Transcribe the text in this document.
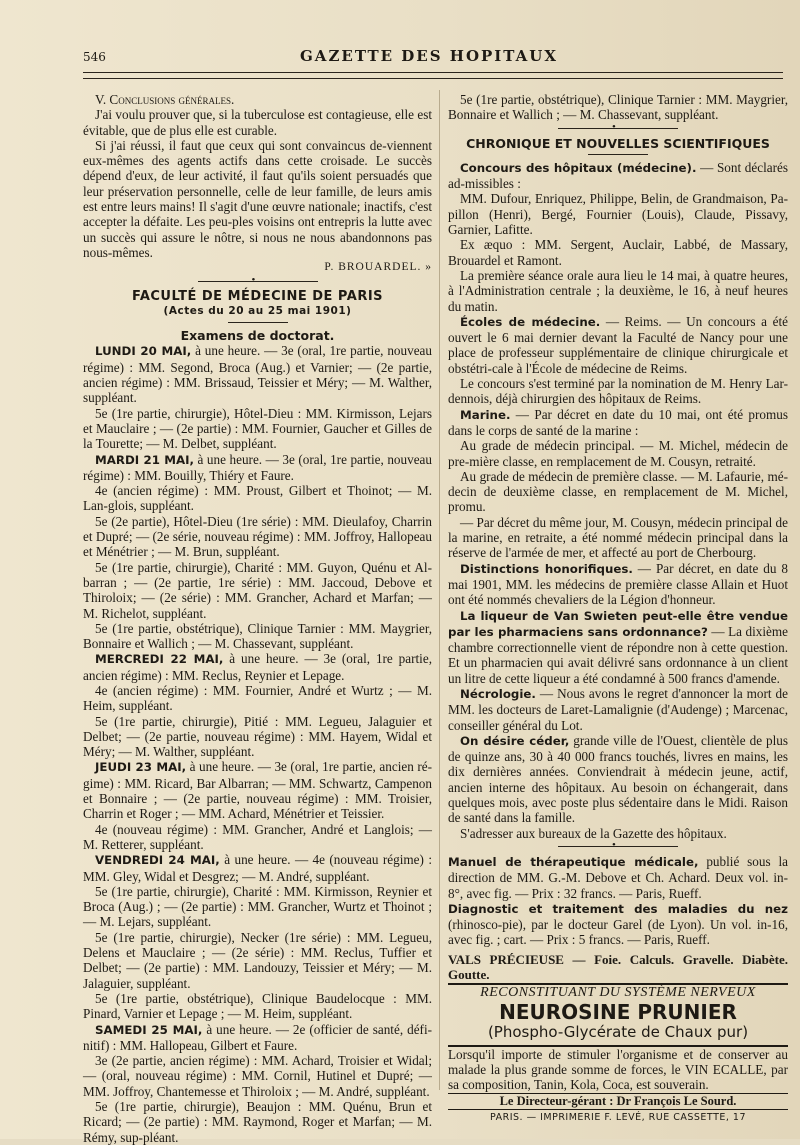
546	GAZETTE DES HOPITAUX

V. Conclusions générales.

J'ai voulu prouver que, si la tuberculose est contagieuse, elle est évitable, que de plus elle est curable.

Si j'ai réussi, il faut que ceux qui sont convaincus de-viennent eux-mêmes des agents actifs dans cette croisade. Le succès dépend d'eux, de leur activité, il faut qu'ils soient persuadés que leur préservation personnelle, celle de leur famille, de leurs amis est entre leurs mains! Il s'agit d'une œuvre nationale; inactifs, c'est accepter la défaite. Les peu-ples voisins ont entrepris la lutte avec un succès qui assure le nôtre, si nous ne nous abandonnons pas nous-mêmes.

P. BROUARDEL. »

•

FACULTÉ DE MÉDECINE DE PARIS

(Actes du 20 au 25 mai 1901)

Examens de doctorat.

LUNDI 20 MAI, à une heure. — 3e (oral, 1re partie, nouveau régime) : MM. Segond, Broca (Aug.) et Varnier; — (2e partie, ancien régime) : MM. Brissaud, Teissier et Méry; — M. Walther, suppléant.

5e (1re partie, chirurgie), Hôtel-Dieu : MM. Kirmisson, Lejars et Mauclaire ; — (2e partie) : MM. Fournier, Gaucher et Gilles de la Tourette; — M. Delbet, suppléant.

MARDI 21 MAI, à une heure. — 3e (oral, 1re partie, nouveau régime) : MM. Bouilly, Thiéry et Faure.

4e (ancien régime) : MM. Proust, Gilbert et Thoinot; — M. Lan-glois, suppléant.

5e (2e partie), Hôtel-Dieu (1re série) : MM. Dieulafoy, Charrin et Dupré; — (2e série, nouveau régime) : MM. Joffroy, Hallopeau et Ménétrier ; — M. Brun, suppléant.

5e (1re partie, chirurgie), Charité : MM. Guyon, Quénu et Al-barran ; — (2e partie, 1re série) : MM. Jaccoud, Debove et Thiroloix; — (2e série) : MM. Grancher, Achard et Marfan; — M. Richelot, suppléant.

5e (1re partie, obstétrique), Clinique Tarnier : MM. Maygrier, Bonnaire et Wallich ; — M. Chassevant, suppléant.

MERCREDI 22 MAI, à une heure. — 3e (oral, 1re partie, ancien régime) : MM. Reclus, Reynier et Lepage.

4e (ancien régime) : MM. Fournier, André et Wurtz ; — M. Heim, suppléant.

5e (1re partie, chirurgie), Pitié : MM. Legueu, Jalaguier et Delbet; — (2e partie, nouveau régime) : MM. Hayem, Widal et Méry; — M. Walther, suppléant.

JEUDI 23 MAI, à une heure. — 3e (oral, 1re partie, ancien ré-gime) : MM. Ricard, Bar Albarran; — MM. Schwartz, Campenon et Bonnaire ; — (2e partie, nouveau régime) : MM. Troisier, Charrin et Roger ; — MM. Achard, Ménétrier et Teissier.

4e (nouveau régime) : MM. Grancher, André et Langlois; — M. Retterer, suppléant.

VENDREDI 24 MAI, à une heure. — 4e (nouveau régime) : MM. Gley, Widal et Desgrez; — M. André, suppléant.

5e (1re partie, chirurgie), Charité : MM. Kirmisson, Reynier et Broca (Aug.) ; — (2e partie) : MM. Grancher, Wurtz et Thoinot ; — M. Lejars, suppléant.

5e (1re partie, chirurgie), Necker (1re série) : MM. Legueu, Delens et Mauclaire ; — (2e série) : MM. Reclus, Tuffier et Delbet; — (2e partie) : MM. Landouzy, Teissier et Méry; — M. Jalaguier, suppléant.

5e (1re partie, obstétrique), Clinique Baudelocque : MM. Pinard, Varnier et Lepage ; — M. Heim, suppléant.

SAMEDI 25 MAI, à une heure. — 2e (officier de santé, défi-nitif) : MM. Hallopeau, Gilbert et Faure.

3e (2e partie, ancien régime) : MM. Achard, Troisier et Widal; — (oral, nouveau régime) : MM. Cornil, Hutinel et Dupré; — MM. Joffroy, Chantemesse et Thiroloix ; — M. André, suppléant.

5e (1re partie, chirurgie), Beaujon : MM. Quénu, Brun et Ricard; — (2e partie) : MM. Raymond, Roger et Marfan; — M. Rémy, sup-pléant.

5e (1re partie, obstétrique), Clinique Tarnier : MM. Maygrier, Bonnaire et Wallich ; — M. Chassevant, suppléant.

•

CHRONIQUE ET NOUVELLES SCIENTIFIQUES

Concours des hôpitaux (médecine). — Sont déclarés ad-missibles :

MM. Dufour, Enriquez, Philippe, Belin, de Grandmaison, Pa-pillon (Henri), Bergé, Fournier (Louis), Claude, Pissavy, Garnier, Lafitte.

Ex æquo : MM. Sergent, Auclair, Labbé, de Massary, Brouardel et Ramont.

La première séance orale aura lieu le 14 mai, à quatre heures, à l'Administration centrale ; la deuxième, le 16, à neuf heures du matin.

Écoles de médecine. — Reims. — Un concours a été ouvert le 6 mai dernier devant la Faculté de Nancy pour une place de professeur supplémentaire de clinique chirurgicale et obstétri-cale à l'École de médecine de Reims.

Le concours s'est terminé par la nomination de M. Henry Lar-dennois, déjà chirurgien des hôpitaux de Reims.

Marine. — Par décret en date du 10 mai, ont été promus dans le corps de santé de la marine :

Au grade de médecin principal. — M. Michel, médecin de pre-mière classe, en remplacement de M. Cousyn, retraité.

Au grade de médecin de première classe. — M. Lafaurie, mé-decin de deuxième classe, en remplacement de M. Michel, promu.

— Par décret du même jour, M. Cousyn, médecin principal de la marine, en retraite, a été nommé médecin principal dans la réserve de l'armée de mer, et affecté au port de Cherbourg.

Distinctions honorifiques. — Par décret, en date du 8 mai 1901, MM. les médecins de première classe Allain et Huot ont été nommés chevaliers de la Légion d'honneur.

La liqueur de Van Swieten peut-elle être vendue par les pharmaciens sans ordonnance? — La dixième chambre correctionnelle vient de répondre non à cette question. Et un pharmacien qui avait délivré sans ordonnance à un client un litre de cette liqueur a été condamné à 500 francs d'amende.

Nécrologie. — Nous avons le regret d'annoncer la mort de MM. les docteurs de Laret-Lamalignie (d'Audenge) ; Marcenac, conseiller général du Lot.

On désire céder, grande ville de l'Ouest, clientèle de plus de quinze ans, 30 à 40 000 francs touchés, livres en mains, les dix dernières années. Conviendrait à médecin jeune, actif, ancien interne des hôpitaux. Au besoin on échangerait, dans quelques mois, avec poste plus sédentaire dans le Midi. Raison de santé dans la famille.

S'adresser aux bureaux de la Gazette des hôpitaux.

•

Manuel de thérapeutique médicale, publié sous la direction de MM. G.-M. Debove et Ch. Achard. Deux vol. in-8°, avec fig. — Prix : 32 francs. — Paris, Rueff.

Diagnostic et traitement des maladies du nez (rhinosco-pie), par le docteur Garel (de Lyon). Un vol. in-16, avec fig. ; cart. — Prix : 5 francs. — Paris, Rueff.

VALS PRÉCIEUSE — Foie. Calculs. Gravelle. Diabète. Goutte.

RECONSTITUANT DU SYSTÈME NERVEUX

NEUROSINE PRUNIER

(Phospho-Glycérate de Chaux pur)

Lorsqu'il importe de stimuler l'organisme et de conserver au malade la plus grande somme de forces, le VIN ECALLE, par sa composition, Tanin, Kola, Coca, est souverain.

Le Directeur-gérant : Dr François Le Sourd.

PARIS. — IMPRIMERIE F. LEVÉ, RUE CASSETTE, 17
